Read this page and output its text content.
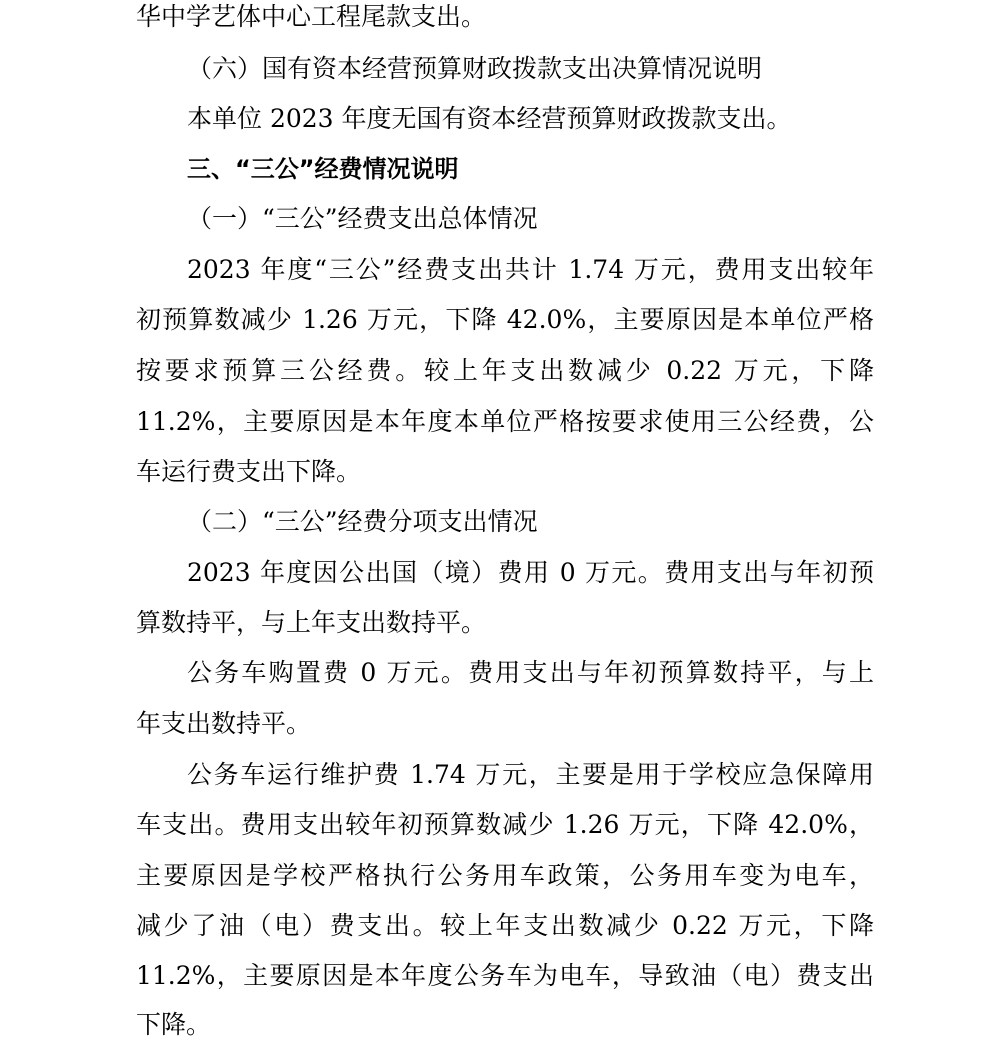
华中学艺体中心工程尾款支出。
（六）国有资本经营预算财政拨款支出决算情况说明
本单位 2023 年度无国有资本经营预算财政拨款支出。
三、“三公”经费情况说明
（一）“三公”经费支出总体情况
2023 年度“三公”经费支出共计 1.74 万元，费用支出较年
初预算数减少 1.26 万元，下降 42.0%，主要原因是本单位严格
按要求预算三公经费。较上年支出数减少 0.22 万元，下降
11.2%，主要原因是本年度本单位严格按要求使用三公经费，公
车运行费支出下降。
（二）“三公”经费分项支出情况
2023 年度因公出国（境）费用 0 万元。费用支出与年初预
算数持平，与上年支出数持平。
公务车购置费 0 万元。费用支出与年初预算数持平，与上
年支出数持平。
公务车运行维护费 1.74 万元，主要是用于学校应急保障用
车支出。费用支出较年初预算数减少 1.26 万元，下降 42.0%，
主要原因是学校严格执行公务用车政策，公务用车变为电车，
减少了油（电）费支出。较上年支出数减少 0.22 万元，下降
11.2%，主要原因是本年度公务车为电车，导致油（电）费支出
下降。
